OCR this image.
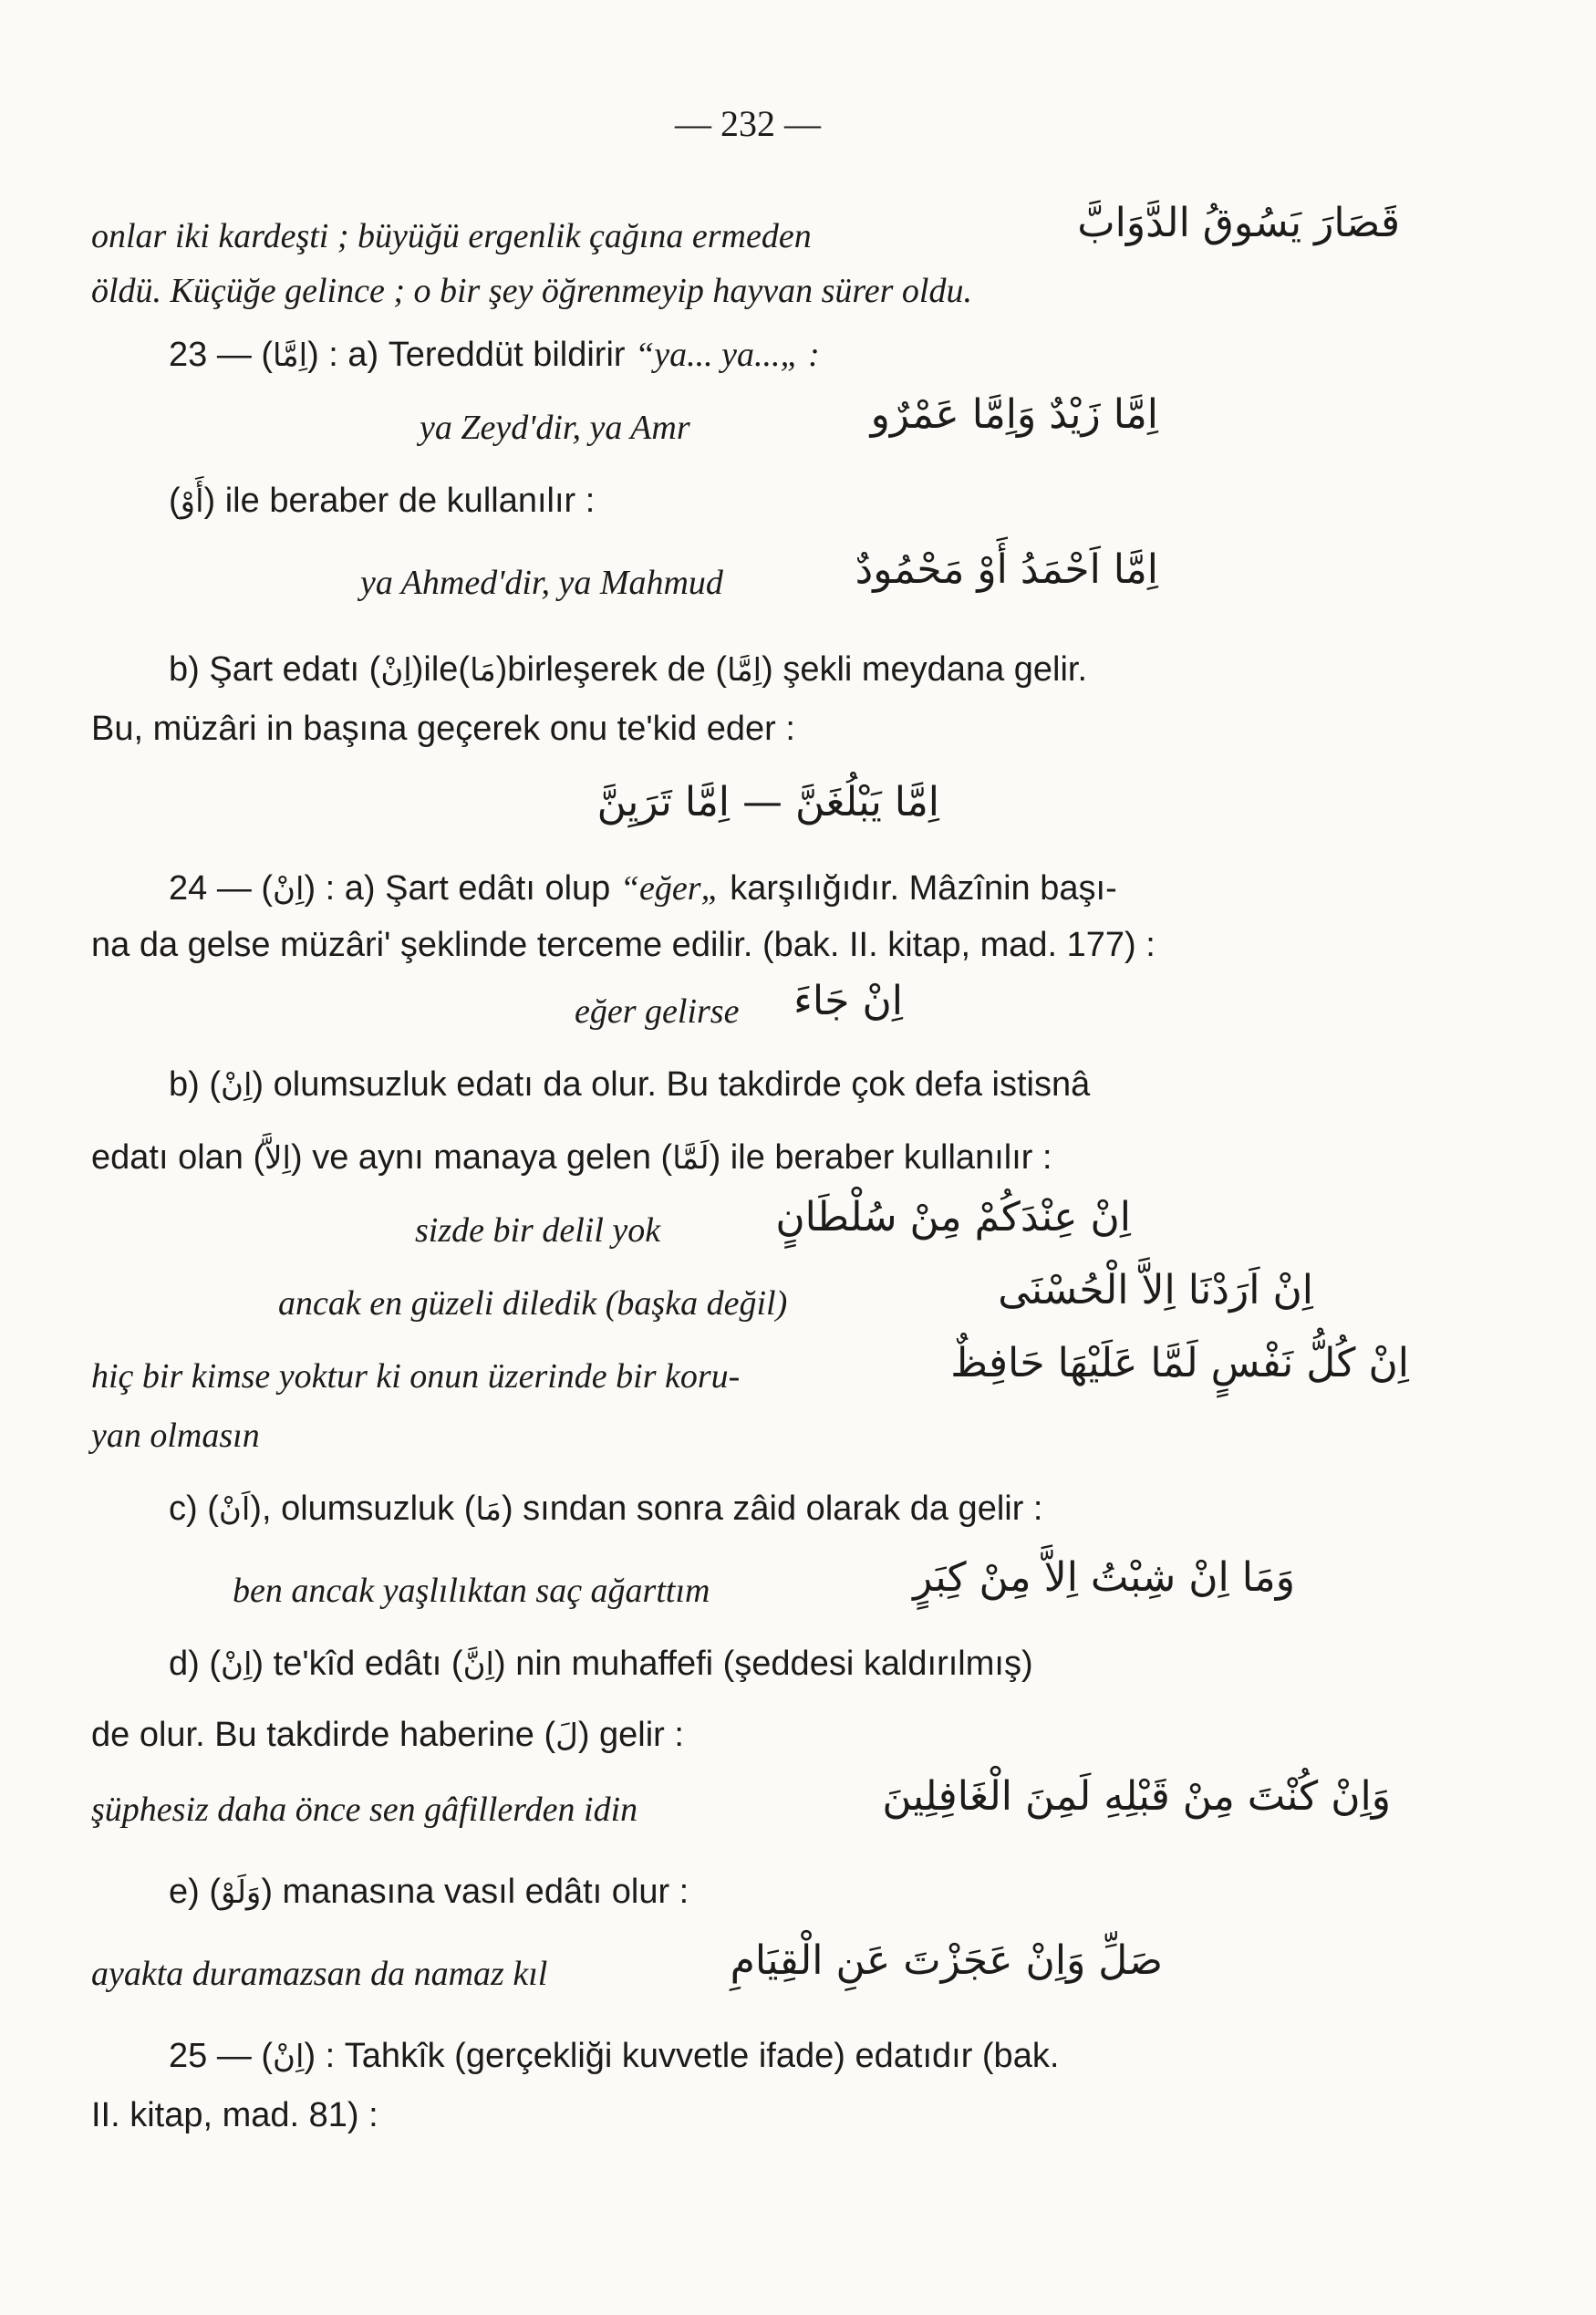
— 232 —
onlar iki kardeşti ; büyüğü ergenlik çağına ermeden	قَصَارَ يَسُوقُ الدَّوَابَّ
öldü. Küçüğe gelince ; o bir şey öğrenmeyip hayvan sürer oldu.
23 — (اِمَّا) : a) Tereddüt bildirir “ya... ya...„ :
ya Zeyd'dir, ya Amr	اِمَّا زَيْدٌ وَاِمَّا عَمْرٌو
(أَوْ) ile beraber de kullanılır :
ya Ahmed'dir, ya Mahmud	اِمَّا اَحْمَدُ أَوْ مَحْمُودٌ
b) Şart edatı (اِنْ)ile(مَا)birleşerek de (اِمَّا) şekli meydana gelir.
Bu, müzâri in başına geçerek onu te'kid eder :
اِمَّا يَبْلُغَنَّ — اِمَّا تَرَيِنَّ
24 — (اِنْ) : a) Şart edâtı olup “eğer„ karşılığıdır. Mâzînin başı-
na da gelse müzâri' şeklinde terceme edilir. (bak. II. kitap, mad. 177) :
eğer gelirse اِنْ جَاءَ
b) (اِنْ) olumsuzluk edatı da olur. Bu takdirde çok defa istisnâ
edatı olan (اِلاَّ) ve aynı manaya gelen (لَمَّا) ile beraber kullanılır :
sizde bir delil yok	اِنْ عِنْدَكُمْ مِنْ سُلْطَانٍ
ancak en güzeli diledik (başka değil)	اِنْ اَرَدْنَا اِلاَّ الْحُسْنَى
hiç bir kimse yoktur ki onun üzerinde bir koru-	اِنْ كُلُّ نَفْسٍ لَمَّا عَلَيْهَا حَافِظٌ
yan olmasın
c) (اَنْ), olumsuzluk (مَا) sından sonra zâid olarak da gelir :
ben ancak yaşlılıktan saç ağarttım	وَمَا اِنْ شِبْتُ اِلاَّ مِنْ كِبَرٍ
d) (اِنْ) te'kîd edâtı (اِنَّ) nin muhaffefi (şeddesi kaldırılmış)
de olur. Bu takdirde haberine (لَ) gelir :
şüphesiz daha önce sen gâfillerden idin	وَاِنْ كُنْتَ مِنْ قَبْلِهِ لَمِنَ الْغَافِلِينَ
e) (وَلَوْ) manasına vasıl edâtı olur :
ayakta duramazsan da namaz kıl	صَلِّ وَاِنْ عَجَزْتَ عَنِ الْقِيَامِ
25 — (اِنْ) : Tahkîk (gerçekliği kuvvetle ifade) edatıdır (bak.
II. kitap, mad. 81) :
